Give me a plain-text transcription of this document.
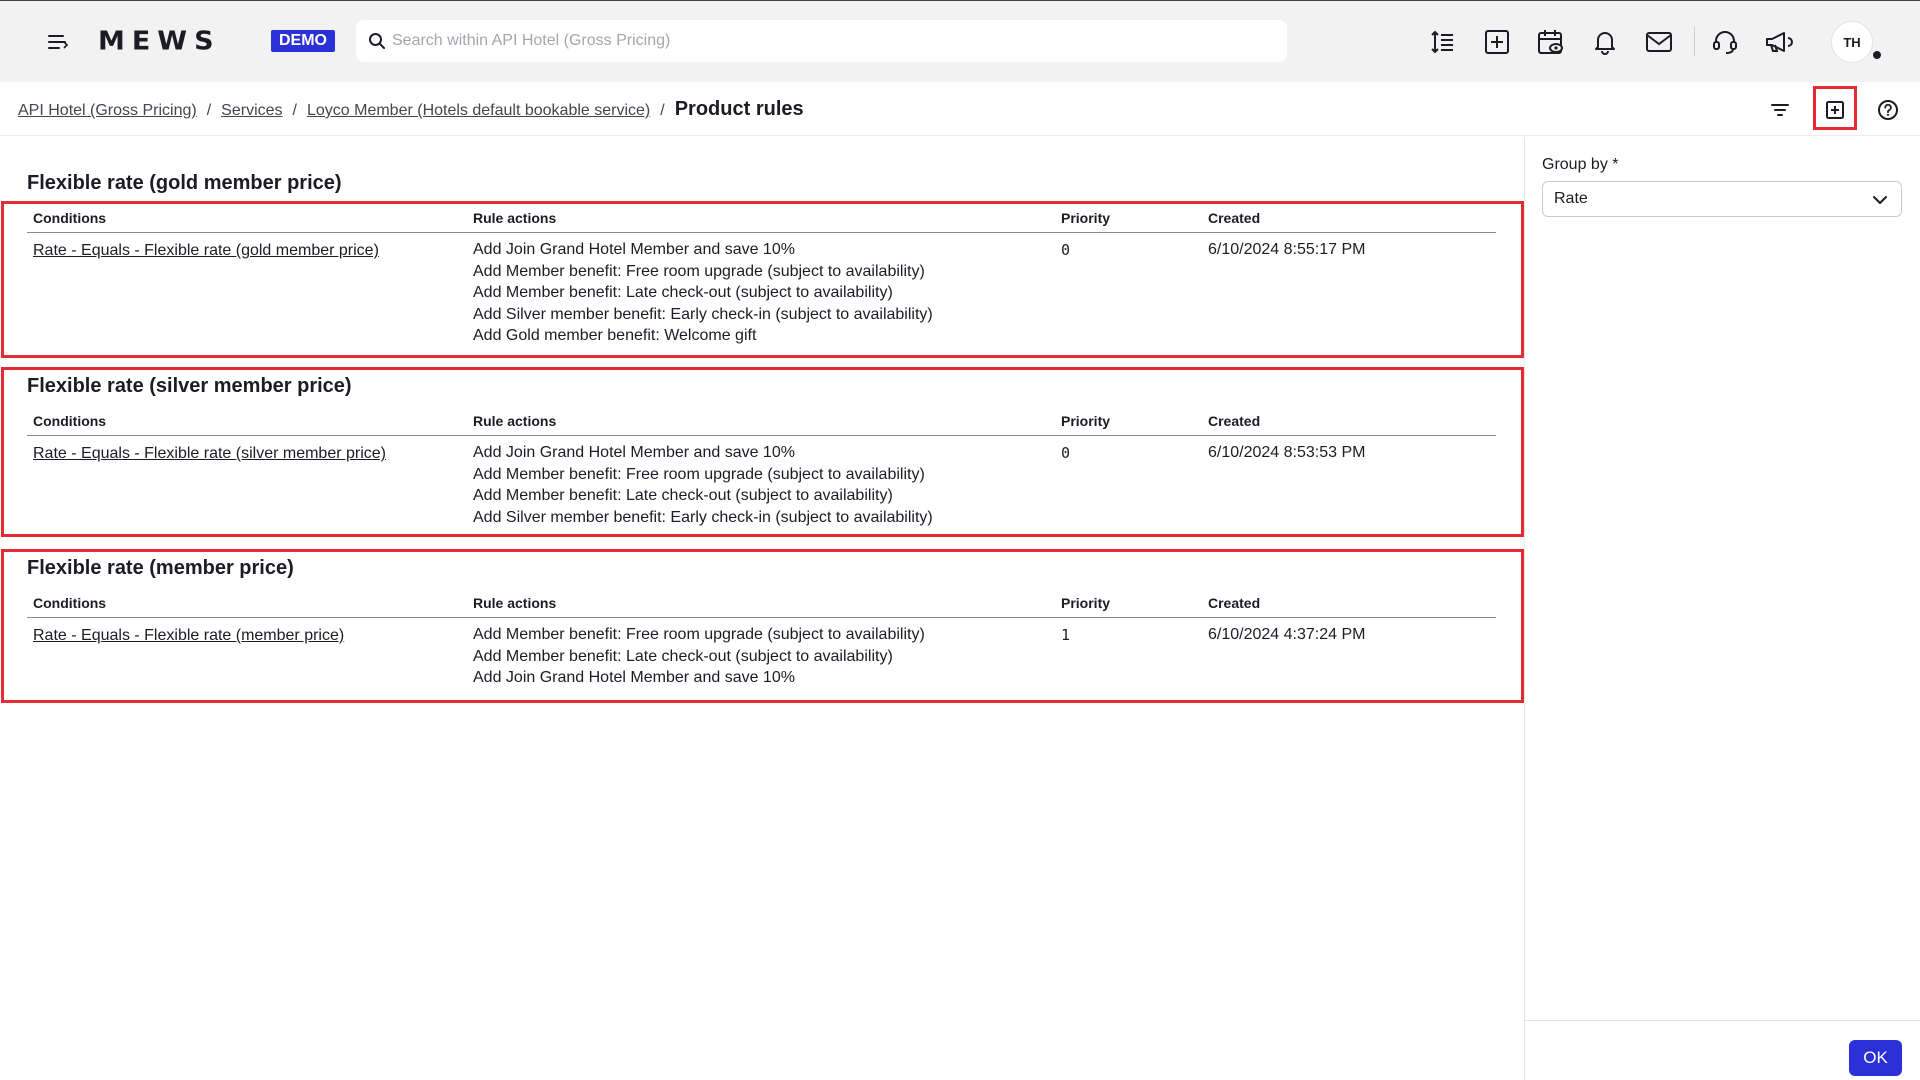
MEWS	DEMO
Search within API Hotel (Gross Pricing)	TH
API Hotel (Gross Pricing) / Services / Loyco Member (Hotels default bookable service) / Product rules
Flexible rate (gold member price)
Conditions	Rule actions	Priority	Created
Rate - Equals - Flexible rate (gold member price)	Add Join Grand Hotel Member and save 10%
Add Member benefit: Free room upgrade (subject to availability)
Add Member benefit: Late check-out (subject to availability)
Add Silver member benefit: Early check-in (subject to availability)
Add Gold member benefit: Welcome gift
0	6/10/2024 8:55:17 PM
Flexible rate (silver member price)
Conditions	Rule actions	Priority	Created
Rate - Equals - Flexible rate (silver member price)	Add Join Grand Hotel Member and save 10%
Add Member benefit: Free room upgrade (subject to availability)
Add Member benefit: Late check-out (subject to availability)
Add Silver member benefit: Early check-in (subject to availability)
0	6/10/2024 8:53:53 PM
Flexible rate (member price)
Conditions	Rule actions	Priority	Created
Rate - Equals - Flexible rate (member price)	Add Member benefit: Free room upgrade (subject to availability)
Add Member benefit: Late check-out (subject to availability)
Add Join Grand Hotel Member and save 10%
1	6/10/2024 4:37:24 PM
Group by *
Rate
OK
